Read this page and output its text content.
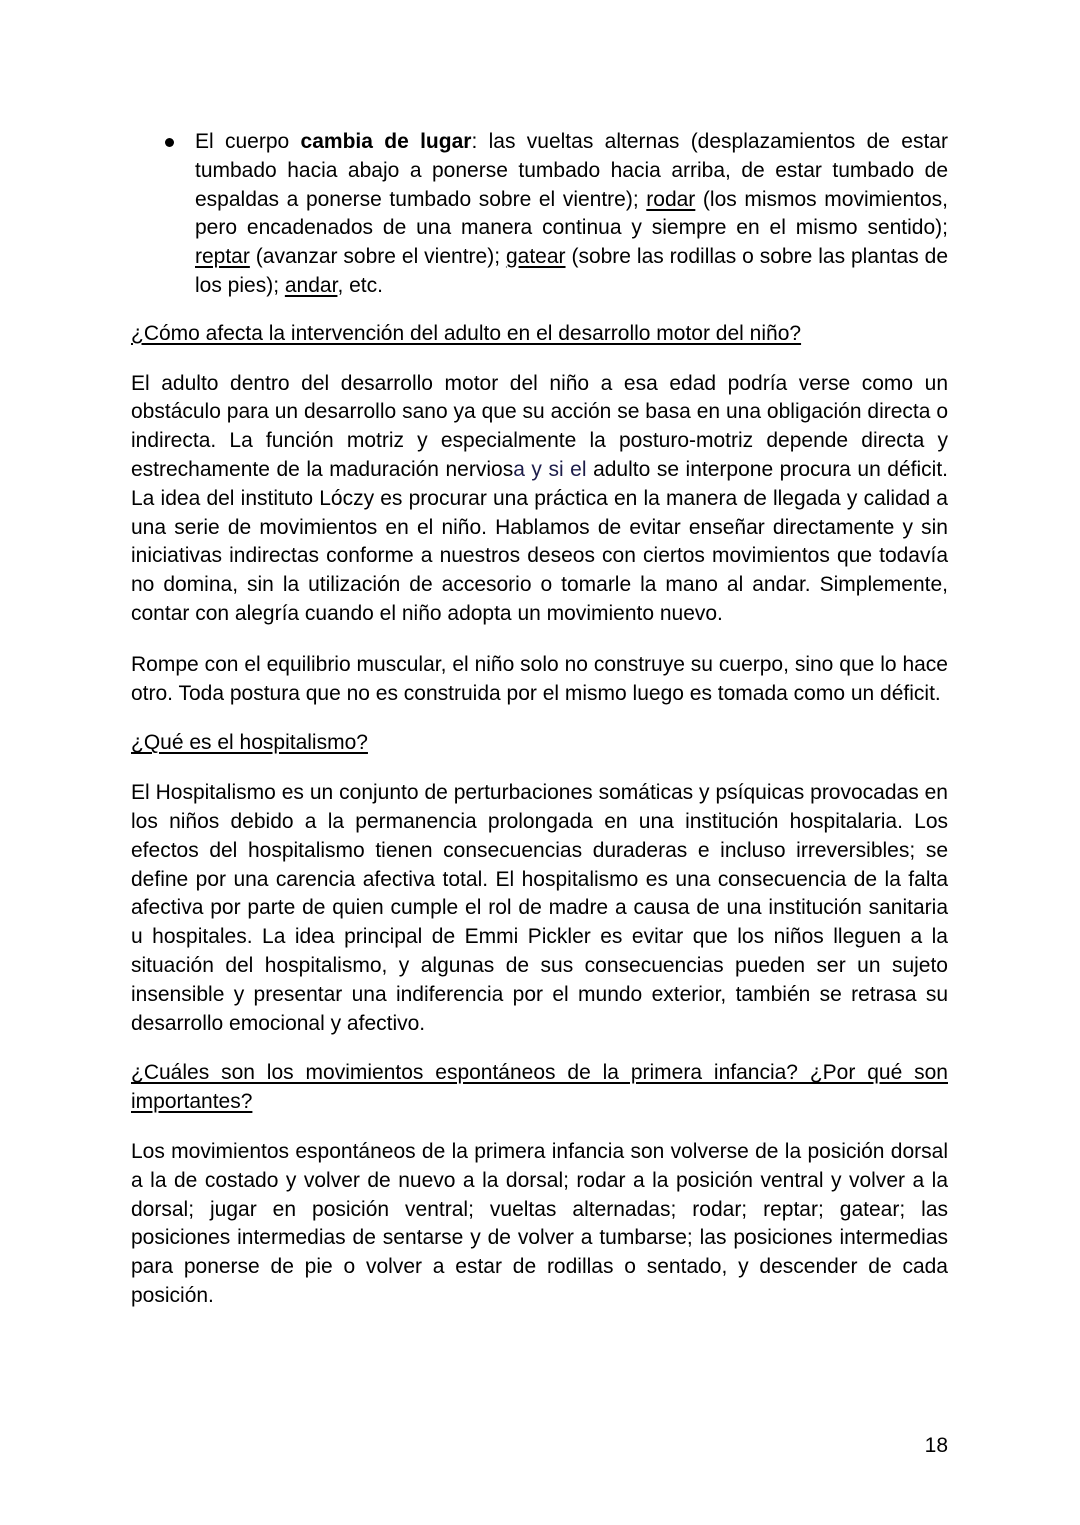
El cuerpo cambia de lugar: las vueltas alternas (desplazamientos de estar tumbado hacia abajo a ponerse tumbado hacia arriba, de estar tumbado de espaldas a ponerse tumbado sobre el vientre); rodar (los mismos movimientos, pero encadenados de una manera continua y siempre en el mismo sentido); reptar (avanzar sobre el vientre); gatear (sobre las rodillas o sobre las plantas de los pies); andar, etc.

¿Cómo afecta la intervención del adulto en el desarrollo motor del niño?

El adulto dentro del desarrollo motor del niño a esa edad podría verse como un obstáculo para un desarrollo sano ya que su acción se basa en una obligación directa o indirecta. La función motriz y especialmente la posturo-motriz depende directa y estrechamente de la maduración nerviosa y si el adulto se interpone procura un déficit. La idea del instituto Lóczy es procurar una práctica en la manera de llegada y calidad a una serie de movimientos en el niño. Hablamos de evitar enseñar directamente y sin iniciativas indirectas conforme a nuestros deseos con ciertos movimientos que todavía no domina, sin la utilización de accesorio o tomarle la mano al andar. Simplemente, contar con alegría cuando el niño adopta un movimiento nuevo.

Rompe con el equilibrio muscular, el niño solo no construye su cuerpo, sino que lo hace otro. Toda postura que no es construida por el mismo luego es tomada como un déficit.

¿Qué es el hospitalismo?

El Hospitalismo es un conjunto de perturbaciones somáticas y psíquicas provocadas en los niños debido a la permanencia prolongada en una institución hospitalaria. Los efectos del hospitalismo tienen consecuencias duraderas e incluso irreversibles; se define por una carencia afectiva total. El hospitalismo es una consecuencia de la falta afectiva por parte de quien cumple el rol de madre a causa de una institución sanitaria u hospitales. La idea principal de Emmi Pickler es evitar que los niños lleguen a la situación del hospitalismo, y algunas de sus consecuencias pueden ser un sujeto insensible y presentar una indiferencia por el mundo exterior, también se retrasa su desarrollo emocional y afectivo.

¿Cuáles son los movimientos espontáneos de la primera infancia? ¿Por qué son importantes?

Los movimientos espontáneos de la primera infancia son volverse de la posición dorsal a la de costado y volver de nuevo a la dorsal; rodar a la posición ventral y volver a la dorsal; jugar en posición ventral; vueltas alternadas; rodar; reptar; gatear; las posiciones intermedias de sentarse y de volver a tumbarse; las posiciones intermedias para ponerse de pie o volver a estar de rodillas o sentado, y descender de cada posición.

18
